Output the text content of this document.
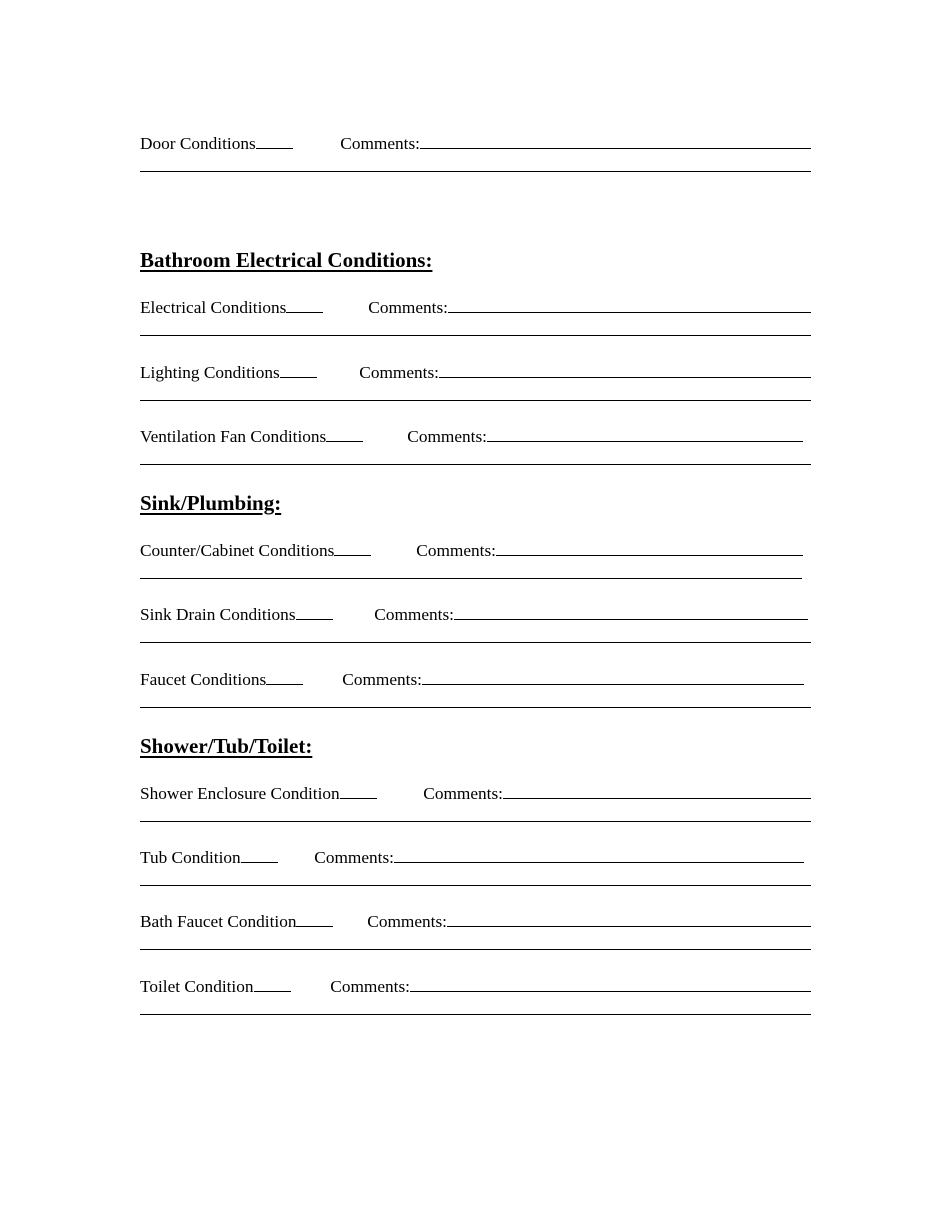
Door Conditions	Comments:
Bathroom Electrical Conditions:
Electrical Conditions	Comments:
Lighting Conditions	Comments:
Ventilation Fan Conditions	Comments:
Sink/Plumbing:
Counter/Cabinet Conditions	Comments:
Sink Drain Conditions	Comments:
Faucet Conditions	Comments:
Shower/Tub/Toilet:
Shower Enclosure Condition	Comments:
Tub Condition	Comments:
Bath Faucet Condition	Comments:
Toilet Condition	Comments:
